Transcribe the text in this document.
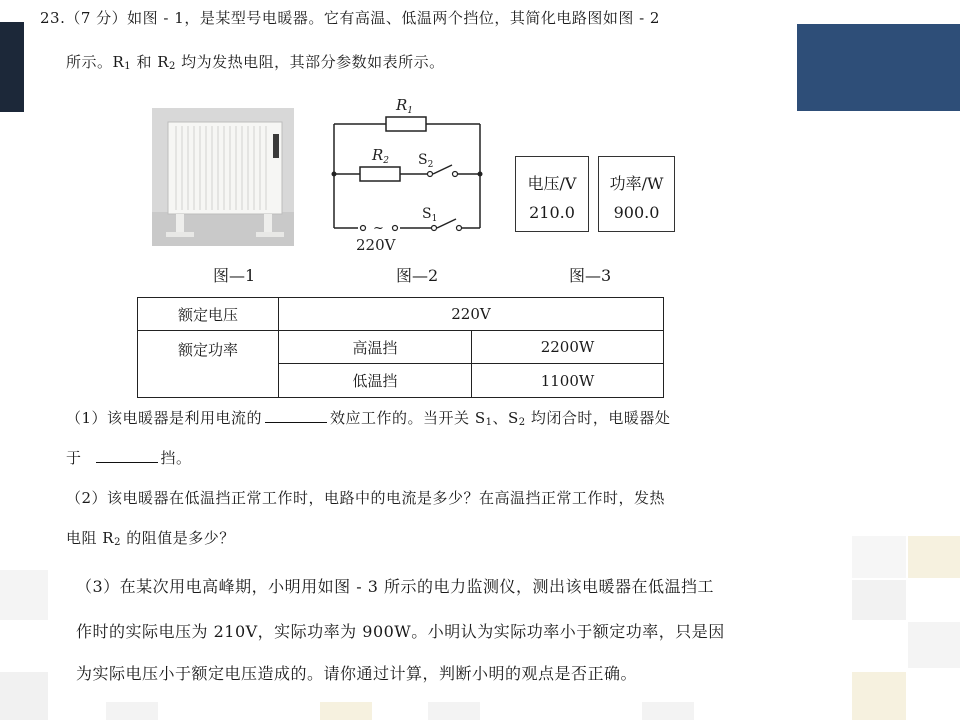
23.（7 分）如图 - 1，是某型号电暖器。它有高温、低温两个挡位，其简化电路图如图 - 2
所示。$R_1$ 和 $R_2$ 均为发热电阻，其部分参数如表所示。
$R_1$
$R_2$ $S_2$
$S_1$
~
220V
电压/V
210.0
功率/W
900.0
图—1	图—2	图—3
额定电压	220V	
额定功率	高温挡	2200W
	低温挡	1100W
（1）该电暖器是利用电流的	效应工作的。当开关 $S_1$、$S_2$ 均闭合时，电暖器处
于	挡。
（2）该电暖器在低温挡正常工作时，电路中的电流是多少？在高温挡正常工作时，发热
电阻 $R_2$ 的阻值是多少？
（3）在某次用电高峰期，小明用如图 - 3 所示的电力监测仪，测出该电暖器在低温挡工
作时的实际电压为 210V，实际功率为 900W。小明认为实际功率小于额定功率，只是因
为实际电压小于额定电压造成的。请你通过计算，判断小明的观点是否正确。
